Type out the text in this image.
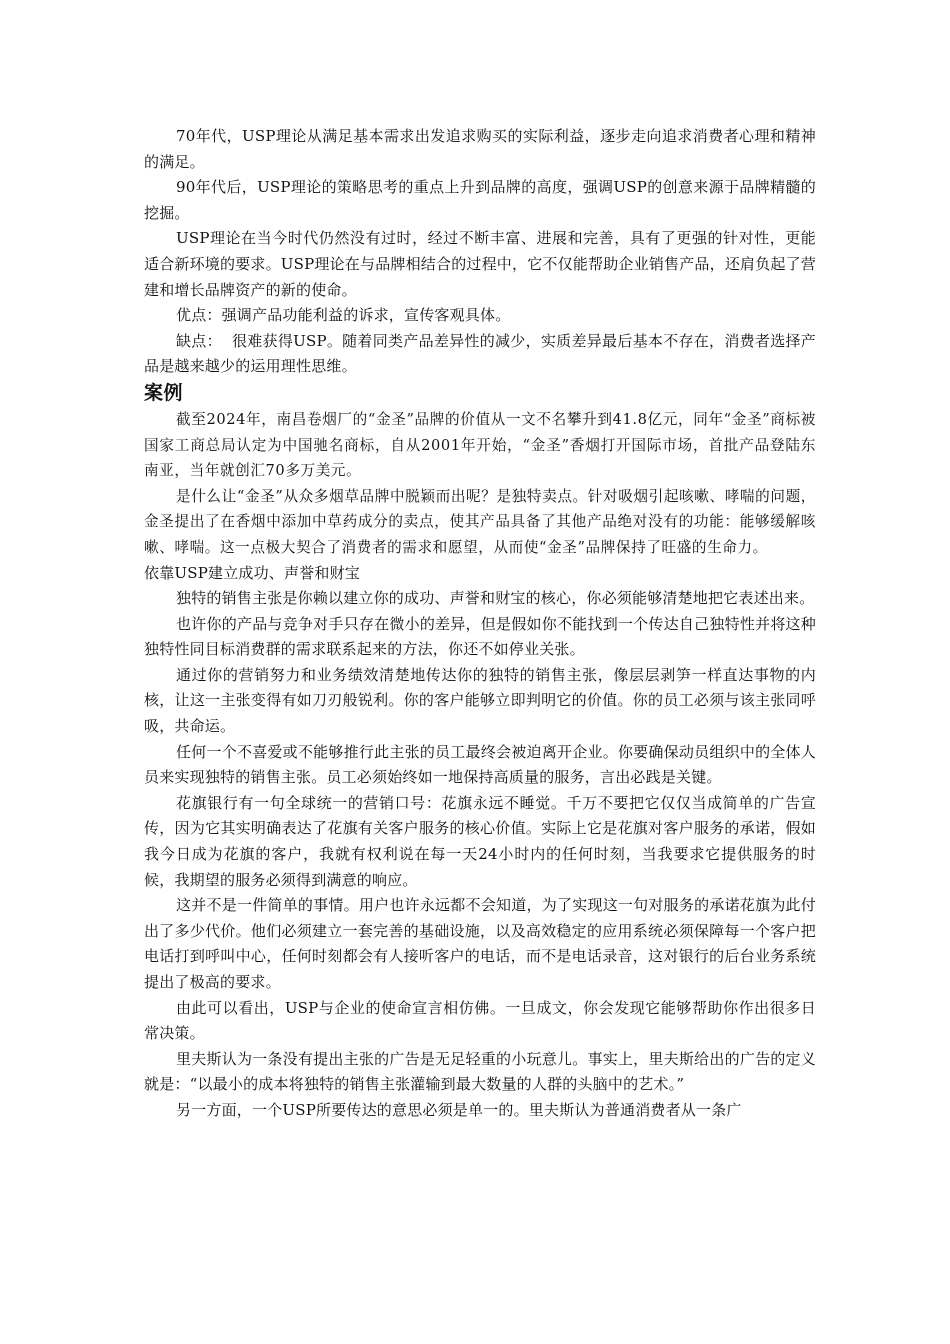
70年代，USP理论从满足基本需求出发追求购买的实际利益，逐步走向追求消费者心理和精神的满足。

90年代后，USP理论的策略思考的重点上升到品牌的高度，强调USP的创意来源于品牌精髓的挖掘。

USP理论在当今时代仍然没有过时，经过不断丰富、进展和完善，具有了更强的针对性，更能适合新环境的要求。USP理论在与品牌相结合的过程中，它不仅能帮助企业销售产品，还肩负起了营建和增长品牌资产的新的使命。

优点：强调产品功能利益的诉求，宣传客观具体。

缺点：  很难获得USP。随着同类产品差异性的减少，实质差异最后基本不存在，消费者选择产品是越来越少的运用理性思维。

案例

截至2024年，南昌卷烟厂的“金圣”品牌的价值从一文不名攀升到41.8亿元，同年“金圣”商标被国家工商总局认定为中国驰名商标，自从2001年开始，“金圣”香烟打开国际市场，首批产品登陆东南亚，当年就创汇70多万美元。

是什么让“金圣”从众多烟草品牌中脱颖而出呢？是独特卖点。针对吸烟引起咳嗽、哮喘的问题，金圣提出了在香烟中添加中草药成分的卖点，使其产品具备了其他产品绝对没有的功能：能够缓解咳嗽、哮喘。这一点极大契合了消费者的需求和愿望，从而使“金圣”品牌保持了旺盛的生命力。

依靠USP建立成功、声誉和财宝

独特的销售主张是你赖以建立你的成功、声誉和财宝的核心，你必须能够清楚地把它表述出来。

也许你的产品与竞争对手只存在微小的差异，但是假如你不能找到一个传达自己独特性并将这种独特性同目标消费群的需求联系起来的方法，你还不如停业关张。

通过你的营销努力和业务绩效清楚地传达你的独特的销售主张，像层层剥笋一样直达事物的内核，让这一主张变得有如刀刃般锐利。你的客户能够立即判明它的价值。你的员工必须与该主张同呼吸，共命运。

任何一个不喜爱或不能够推行此主张的员工最终会被迫离开企业。你要确保动员组织中的全体人员来实现独特的销售主张。员工必须始终如一地保持高质量的服务，言出必践是关键。

花旗银行有一句全球统一的营销口号：花旗永远不睡觉。千万不要把它仅仅当成简单的广告宣传，因为它其实明确表达了花旗有关客户服务的核心价值。实际上它是花旗对客户服务的承诺，假如我今日成为花旗的客户，我就有权利说在每一天24小时内的任何时刻，当我要求它提供服务的时候，我期望的服务必须得到满意的响应。

这并不是一件简单的事情。用户也许永远都不会知道，为了实现这一句对服务的承诺花旗为此付出了多少代价。他们必须建立一套完善的基础设施，以及高效稳定的应用系统必须保障每一个客户把电话打到呼叫中心，任何时刻都会有人接听客户的电话，而不是电话录音，这对银行的后台业务系统提出了极高的要求。

由此可以看出，USP与企业的使命宣言相仿佛。一旦成文，你会发现它能够帮助你作出很多日常决策。

里夫斯认为一条没有提出主张的广告是无足轻重的小玩意儿。事实上，里夫斯给出的广告的定义就是：“以最小的成本将独特的销售主张灌输到最大数量的人群的头脑中的艺术。”

另一方面，一个USP所要传达的意思必须是单一的。里夫斯认为普通消费者从一条广
